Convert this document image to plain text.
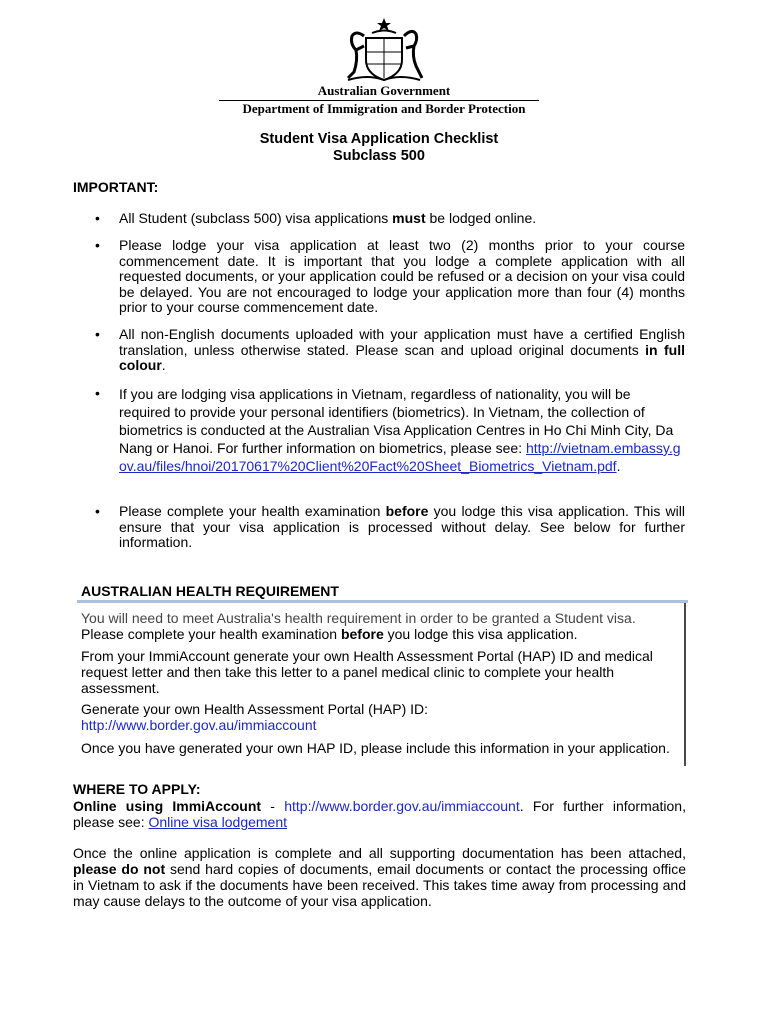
Australian Government
Department of Immigration and Border Protection
Student Visa Application Checklist
Subclass 500
IMPORTANT:
• All Student (subclass 500) visa applications must be lodged online.
• Please lodge your visa application at least two (2) months prior to your course commencement date. It is important that you lodge a complete application with all requested documents, or your application could be refused or a decision on your visa could be delayed. You are not encouraged to lodge your application more than four (4) months prior to your course commencement date.
• All non-English documents uploaded with your application must have a certified English translation, unless otherwise stated. Please scan and upload original documents in full colour.
• If you are lodging visa applications in Vietnam, regardless of nationality, you will be required to provide your personal identifiers (biometrics). In Vietnam, the collection of biometrics is conducted at the Australian Visa Application Centres in Ho Chi Minh City, Da Nang or Hanoi. For further information on biometrics, please see: http://vietnam.embassy.gov.au/files/hnoi/20170617%20Client%20Fact%20Sheet_Biometrics_Vietnam.pdf.
• Please complete your health examination before you lodge this visa application. This will ensure that your visa application is processed without delay. See below for further information.
AUSTRALIAN HEALTH REQUIREMENT
You will need to meet Australia's health requirement in order to be granted a Student visa.
Please complete your health examination before you lodge this visa application.
From your ImmiAccount generate your own Health Assessment Portal (HAP) ID and medical request letter and then take this letter to a panel medical clinic to complete your health assessment.
Generate your own Health Assessment Portal (HAP) ID:
http://www.border.gov.au/immiaccount
Once you have generated your own HAP ID, please include this information in your application.
WHERE TO APPLY:
Online using ImmiAccount - http://www.border.gov.au/immiaccount. For further information, please see: Online visa lodgement
Once the online application is complete and all supporting documentation has been attached, please do not send hard copies of documents, email documents or contact the processing office in Vietnam to ask if the documents have been received. This takes time away from processing and may cause delays to the outcome of your visa application.
